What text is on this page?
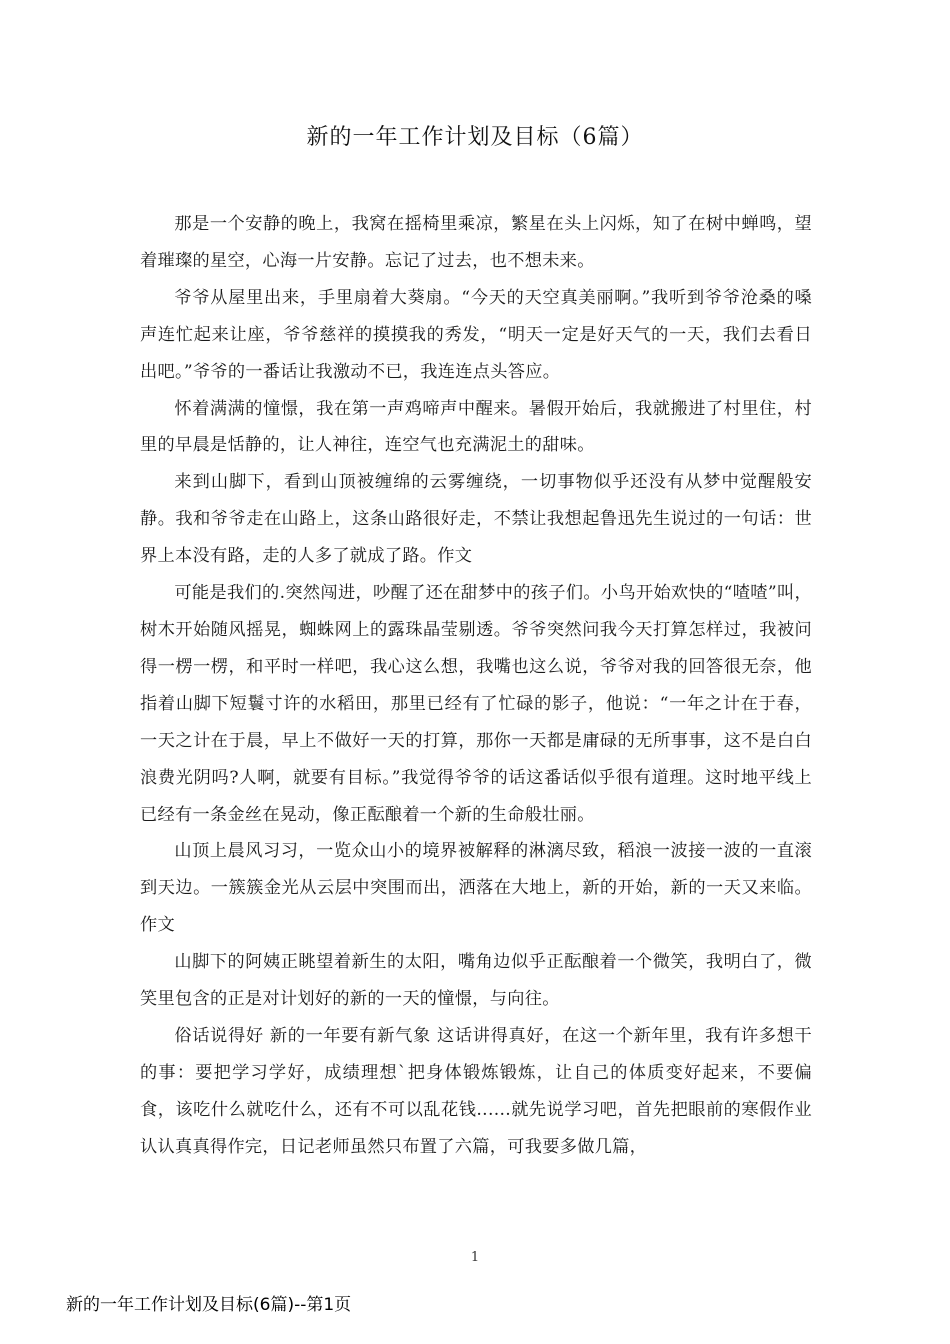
新的一年工作计划及目标（6篇）

那是一个安静的晚上，我窝在摇椅里乘凉，繁星在头上闪烁，知了在树中蝉鸣，望着璀璨的星空，心海一片安静。忘记了过去，也不想未来。

爷爷从屋里出来，手里扇着大葵扇。“今天的天空真美丽啊。”我听到爷爷沧桑的嗓声连忙起来让座，爷爷慈祥的摸摸我的秀发，“明天一定是好天气的一天，我们去看日出吧。”爷爷的一番话让我激动不已，我连连点头答应。

怀着满满的憧憬，我在第一声鸡啼声中醒来。暑假开始后，我就搬进了村里住，村里的早晨是恬静的，让人神往，连空气也充满泥土的甜味。

来到山脚下，看到山顶被缠绵的云雾缠绕，一切事物似乎还没有从梦中觉醒般安静。我和爷爷走在山路上，这条山路很好走，不禁让我想起鲁迅先生说过的一句话：世界上本没有路，走的人多了就成了路。作文

可能是我们的.突然闯进，吵醒了还在甜梦中的孩子们。小鸟开始欢快的“喳喳”叫，树木开始随风摇晃，蜘蛛网上的露珠晶莹剔透。爷爷突然问我今天打算怎样过，我被问得一楞一楞，和平时一样吧，我心这么想，我嘴也这么说，爷爷对我的回答很无奈，他指着山脚下短鬟寸许的水稻田，那里已经有了忙碌的影子，他说：“一年之计在于春，一天之计在于晨，早上不做好一天的打算，那你一天都是庸碌的无所事事，这不是白白浪费光阴吗?人啊，就要有目标。”我觉得爷爷的话这番话似乎很有道理。这时地平线上已经有一条金丝在晃动，像正酝酿着一个新的生命般壮丽。

山顶上晨风习习，一览众山小的境界被解释的淋漓尽致，稻浪一波接一波的一直滚到天边。一簇簇金光从云层中突围而出，洒落在大地上，新的开始，新的一天又来临。作文

山脚下的阿姨正眺望着新生的太阳，嘴角边似乎正酝酿着一个微笑，我明白了，微笑里包含的正是对计划好的新的一天的憧憬，与向往。

俗话说得好 新的一年要有新气象 这话讲得真好，在这一个新年里，我有许多想干的事：要把学习学好，成绩理想`把身体锻炼锻炼，让自己的体质变好起来，不要偏食，该吃什么就吃什么，还有不可以乱花钱......就先说学习吧，首先把眼前的寒假作业认认真真得作完，日记老师虽然只布置了六篇，可我要多做几篇，

1
新的一年工作计划及目标(6篇)--第1页
